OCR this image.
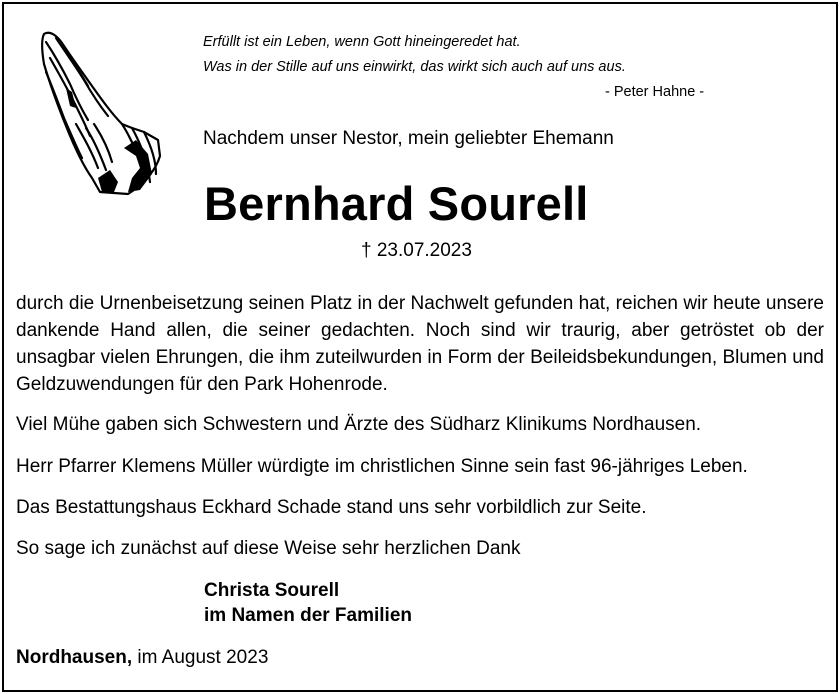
Erfüllt ist ein Leben, wenn Gott hineingeredet hat.
Was in der Stille auf uns einwirkt, das wirkt sich auch auf uns aus.
- Peter Hahne -
Nachdem unser Nestor, mein geliebter Ehemann
Bernhard Sourell
† 23.07.2023
durch die Urnenbeisetzung seinen Platz in der Nachwelt gefunden hat, reichen wir heute unsere dankende Hand allen, die seiner gedachten. Noch sind wir traurig, aber getröstet ob der unsagbar vielen Ehrungen, die ihm zuteilwurden in Form der Beileidsbekundungen, Blumen und Geldzuwendungen für den Park Hohenrode.
Viel Mühe gaben sich Schwestern und Ärzte des Südharz Klinikums Nordhausen.
Herr Pfarrer Klemens Müller würdigte im christlichen Sinne sein fast 96-jähriges Leben.
Das Bestattungshaus Eckhard Schade stand uns sehr vorbildlich zur Seite.
So sage ich zunächst auf diese Weise sehr herzlichen Dank
Christa Sourell
im Namen der Familien
Nordhausen, im August 2023
